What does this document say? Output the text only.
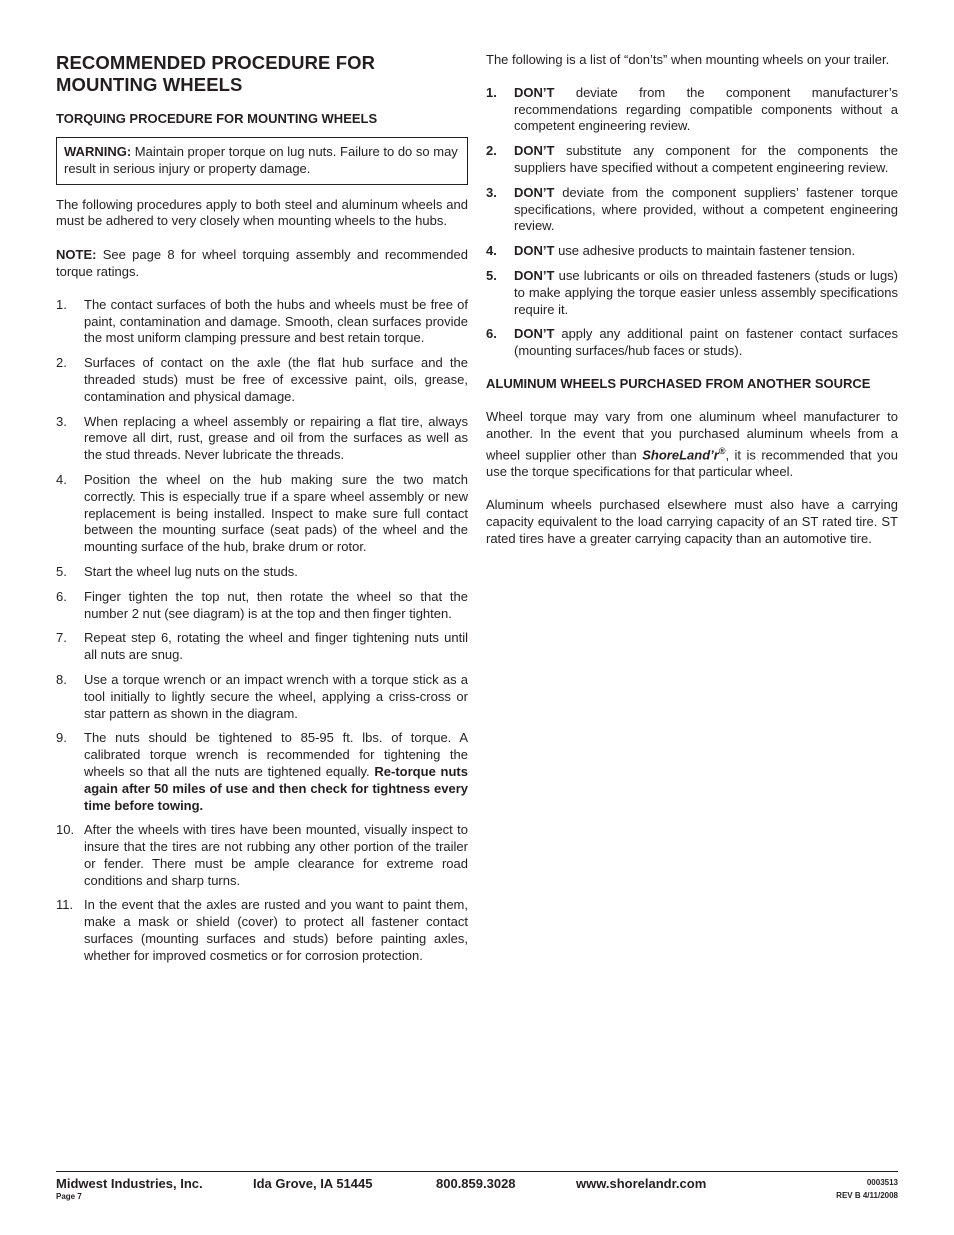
RECOMMENDED PROCEDURE FOR
MOUNTING WHEELS
TORQUING PROCEDURE FOR MOUNTING WHEELS
WARNING: Maintain proper torque on lug nuts. Failure to do so may result in serious injury or property damage.

The following procedures apply to both steel and aluminum wheels and must be adhered to very closely when mounting wheels to the hubs.

NOTE: See page 8 for wheel torquing assembly and recommended torque ratings.

1. The contact surfaces of both the hubs and wheels must be free of paint, contamination and damage. Smooth, clean surfaces provide the most uniform clamping pressure and best retain torque.
2. Surfaces of contact on the axle (the flat hub surface and the threaded studs) must be free of excessive paint, oils, grease, contamination and physical damage.
3. When replacing a wheel assembly or repairing a flat tire, always remove all dirt, rust, grease and oil from the surfaces as well as the stud threads. Never lubricate the threads.
4. Position the wheel on the hub making sure the two match correctly. This is especially true if a spare wheel assembly or new replacement is being installed. Inspect to make sure full contact between the mounting surface (seat pads) of the wheel and the mounting surface of the hub, brake drum or rotor.
5. Start the wheel lug nuts on the studs.
6. Finger tighten the top nut, then rotate the wheel so that the number 2 nut (see diagram) is at the top and then finger tighten.
7. Repeat step 6, rotating the wheel and finger tightening nuts until all nuts are snug.
8. Use a torque wrench or an impact wrench with a torque stick as a tool initially to lightly secure the wheel, applying a criss-cross or star pattern as shown in the diagram.
9. The nuts should be tightened to 85-95 ft. lbs. of torque. A calibrated torque wrench is recommended for tightening the wheels so that all the nuts are tightened equally. Re-torque nuts again after 50 miles of use and then check for tightness every time before towing.
10. After the wheels with tires have been mounted, visually inspect to insure that the tires are not rubbing any other portion of the trailer or fender. There must be ample clearance for extreme road conditions and sharp turns.
11. In the event that the axles are rusted and you want to paint them, make a mask or shield (cover) to protect all fastener contact surfaces (mounting surfaces and studs) before painting axles, whether for improved cosmetics or for corrosion protection.

The following is a list of “don’ts” when mounting wheels on your trailer.

1. DON’T deviate from the component manufacturer’s recommendations regarding compatible components without a competent engineering review.
2. DON’T substitute any component for the components the suppliers have specified without a competent engineering review.
3. DON’T deviate from the component suppliers’ fastener torque specifications, where provided, without a competent engineering review.
4. DON’T use adhesive products to maintain fastener tension.
5. DON’T use lubricants or oils on threaded fasteners (studs or lugs) to make applying the torque easier unless assembly specifications require it.
6. DON’T apply any additional paint on fastener contact surfaces (mounting surfaces/hub faces or studs).
ALUMINUM WHEELS PURCHASED FROM ANOTHER SOURCE

Wheel torque may vary from one aluminum wheel manufacturer to another. In the event that you purchased aluminum wheels from a wheel supplier other than ShoreLand’r®, it is recommended that you use the torque specifications for that particular wheel.

Aluminum wheels purchased elsewhere must also have a carrying capacity equivalent to the load carrying capacity of an ST rated tire. ST rated tires have a greater carrying capacity than an automotive tire.

Midwest Industries, Inc.	Ida Grove, IA 51445	800.859.3028	www.shorelandr.com
Page 7
0003513
REV B 4/11/2008
